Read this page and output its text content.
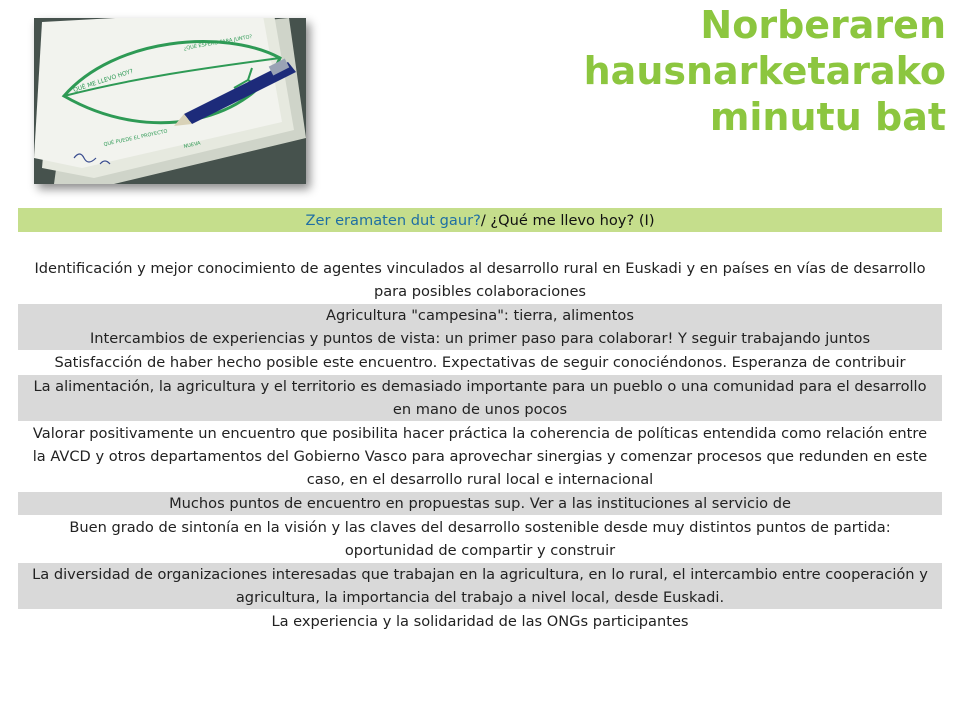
QUÉ ME LLEVO HOY?
¿QUÉ ESPERO PARA JUNTO?
QUÉ PUEDE EL PROYECTO	NUEVA
Norberaren
hausnarketarako
minutu bat
Zer eramaten dut gaur?/ ¿Qué me llevo hoy? (I)
Identificación y mejor conocimiento de agentes vinculados al desarrollo rural en Euskadi y en países en vías de desarrollo para posibles colaboraciones
Agricultura "campesina": tierra, alimentos
Intercambios de experiencias y puntos de vista: un primer paso para colaborar! Y seguir trabajando juntos
Satisfacción de haber hecho posible este encuentro. Expectativas de seguir conociéndonos. Esperanza de contribuir
La alimentación, la agricultura y el territorio es demasiado importante para un pueblo o una comunidad para el desarrollo en mano de unos pocos
Valorar positivamente un encuentro que posibilita hacer práctica la coherencia de políticas entendida como relación entre la AVCD y otros departamentos del Gobierno Vasco para aprovechar sinergias y comenzar procesos que redunden en este caso, en el desarrollo rural local e internacional
Muchos puntos de encuentro en propuestas sup. Ver a las instituciones al servicio de
Buen grado de sintonía en la visión y las claves del desarrollo sostenible desde muy distintos puntos de partida: oportunidad de compartir y construir
La diversidad de organizaciones interesadas que trabajan en la agricultura, en lo rural, el intercambio entre cooperación y agricultura, la importancia del trabajo a nivel local, desde Euskadi.
La experiencia y la solidaridad de las ONGs participantes
